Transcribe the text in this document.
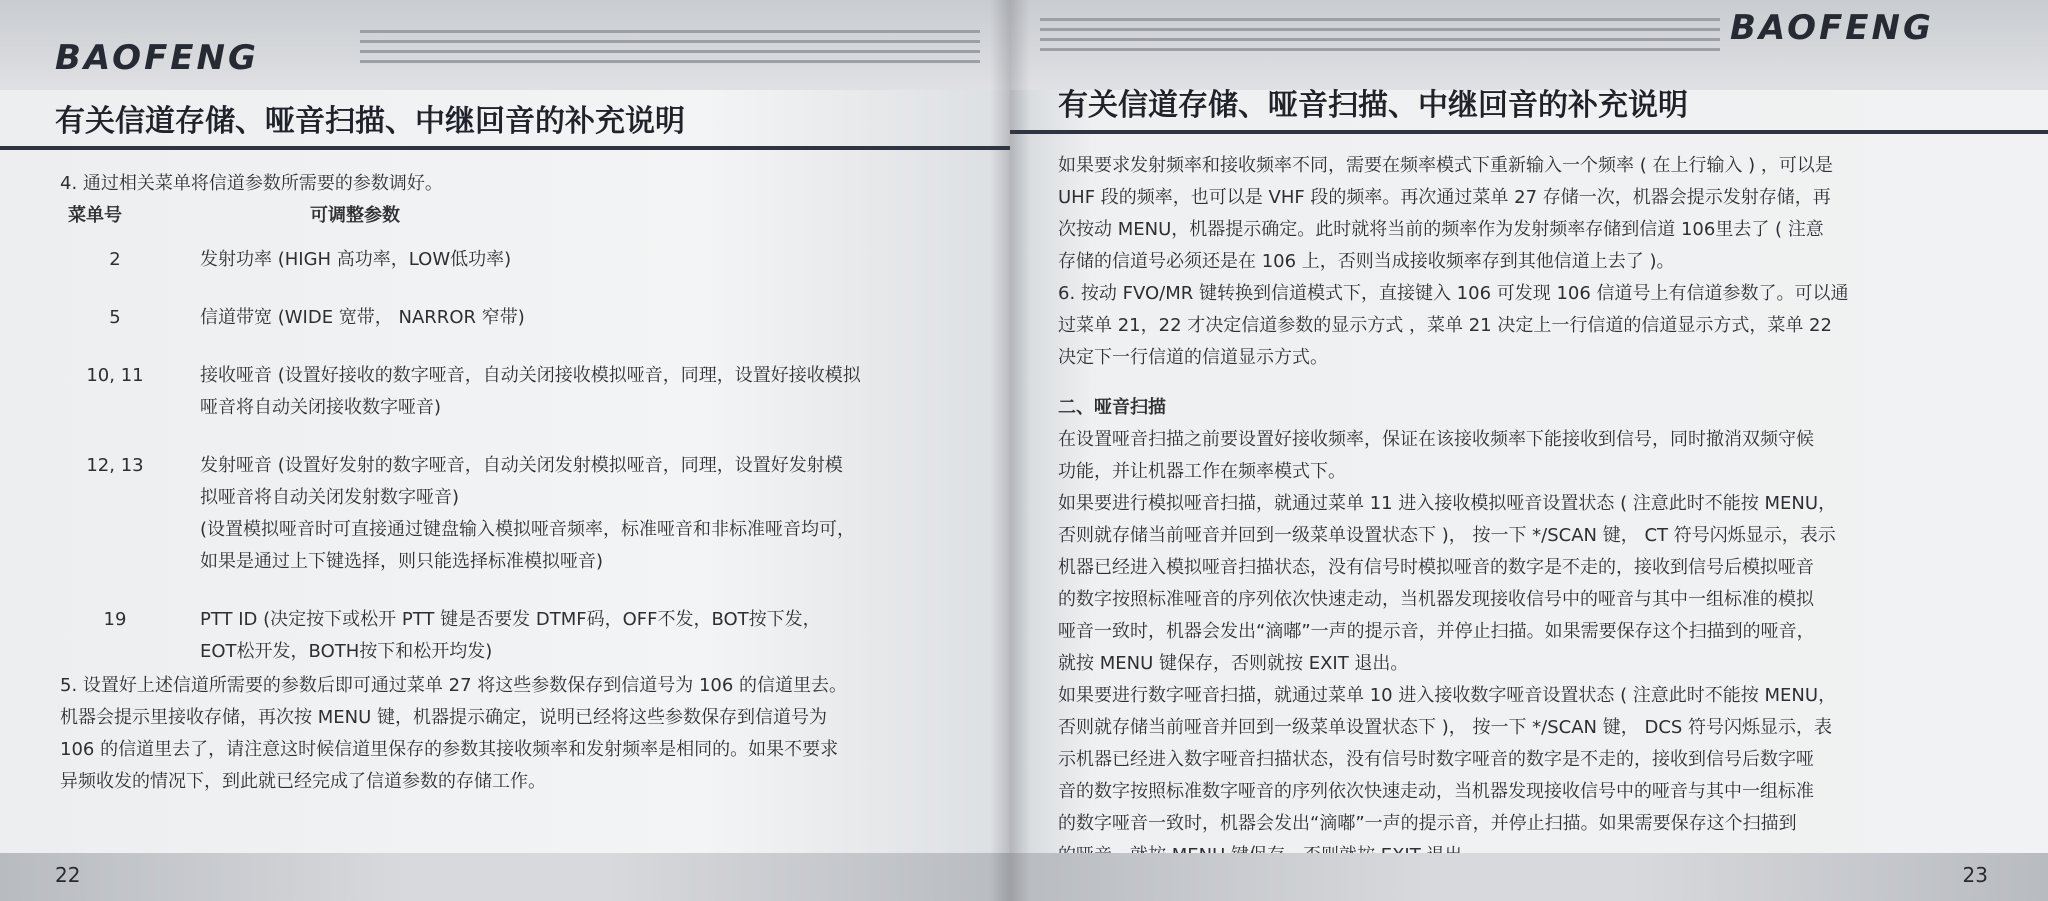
BAOFENG
有关信道存储、哑音扫描、中继回音的补充说明

4. 通过相关菜单将信道参数所需要的参数调好。

菜单号	可调整参数
2	发射功率 (HIGH 高功率，LOW低功率)
5	信道带宽 (WIDE 宽带， NARROR 窄带)
10, 11	接收哑音 (设置好接收的数字哑音，自动关闭接收模拟哑音，同理，设置好接收模拟
哑音将自动关闭接收数字哑音)
12, 13	发射哑音 (设置好发射的数字哑音，自动关闭发射模拟哑音，同理，设置好发射模
拟哑音将自动关闭发射数字哑音)
(设置模拟哑音时可直接通过键盘输入模拟哑音频率，标准哑音和非标准哑音均可，
如果是通过上下键选择，则只能选择标准模拟哑音)
19	PTT ID (决定按下或松开 PTT 键是否要发 DTMF码，OFF不发，BOT按下发，
EOT松开发，BOTH按下和松开均发)
5. 设置好上述信道所需要的参数后即可通过菜单 27 将这些参数保存到信道号为 106 的信道里去。
机器会提示里接收存储，再次按 MENU 键，机器提示确定，说明已经将这些参数保存到信道号为
106 的信道里去了，请注意这时候信道里保存的参数其接收频率和发射频率是相同的。如果不要求
异频收发的情况下，到此就已经完成了信道参数的存储工作。
22
BAOFENG
有关信道存储、哑音扫描、中继回音的补充说明
如果要求发射频率和接收频率不同，需要在频率模式下重新输入一个频率 ( 在上行输入 ) ，可以是
UHF 段的频率，也可以是 VHF 段的频率。再次通过菜单 27 存储一次，机器会提示发射存储，再
次按动 MENU，机器提示确定。此时就将当前的频率作为发射频率存储到信道 106里去了 ( 注意
存储的信道号必须还是在 106 上，否则当成接收频率存到其他信道上去了 )。
6. 按动 FVO/MR 键转换到信道模式下，直接键入 106 可发现 106 信道号上有信道参数了。可以通
过菜单 21，22 才决定信道参数的显示方式 ，菜单 21 决定上一行信道的信道显示方式，菜单 22
决定下一行信道的信道显示方式。
二、哑音扫描
在设置哑音扫描之前要设置好接收频率，保证在该接收频率下能接收到信号，同时撤消双频守候
功能，并让机器工作在频率模式下。
如果要进行模拟哑音扫描，就通过菜单 11 进入接收模拟哑音设置状态 ( 注意此时不能按 MENU，
否则就存储当前哑音并回到一级菜单设置状态下 )， 按一下 */SCAN 键， CT 符号闪烁显示，表示
机器已经进入模拟哑音扫描状态，没有信号时模拟哑音的数字是不走的，接收到信号后模拟哑音
的数字按照标准哑音的序列依次快速走动，当机器发现接收信号中的哑音与其中一组标准的模拟
哑音一致时，机器会发出“滴嘟”一声的提示音，并停止扫描。如果需要保存这个扫描到的哑音，
就按 MENU 键保存，否则就按 EXIT 退出。
如果要进行数字哑音扫描，就通过菜单 10 进入接收数字哑音设置状态 ( 注意此时不能按 MENU，
否则就存储当前哑音并回到一级菜单设置状态下 )， 按一下 */SCAN 键， DCS 符号闪烁显示，表
示机器已经进入数字哑音扫描状态，没有信号时数字哑音的数字是不走的，接收到信号后数字哑
音的数字按照标准数字哑音的序列依次快速走动，当机器发现接收信号中的哑音与其中一组标准
的数字哑音一致时，机器会发出“滴嘟”一声的提示音，并停止扫描。如果需要保存这个扫描到
23
